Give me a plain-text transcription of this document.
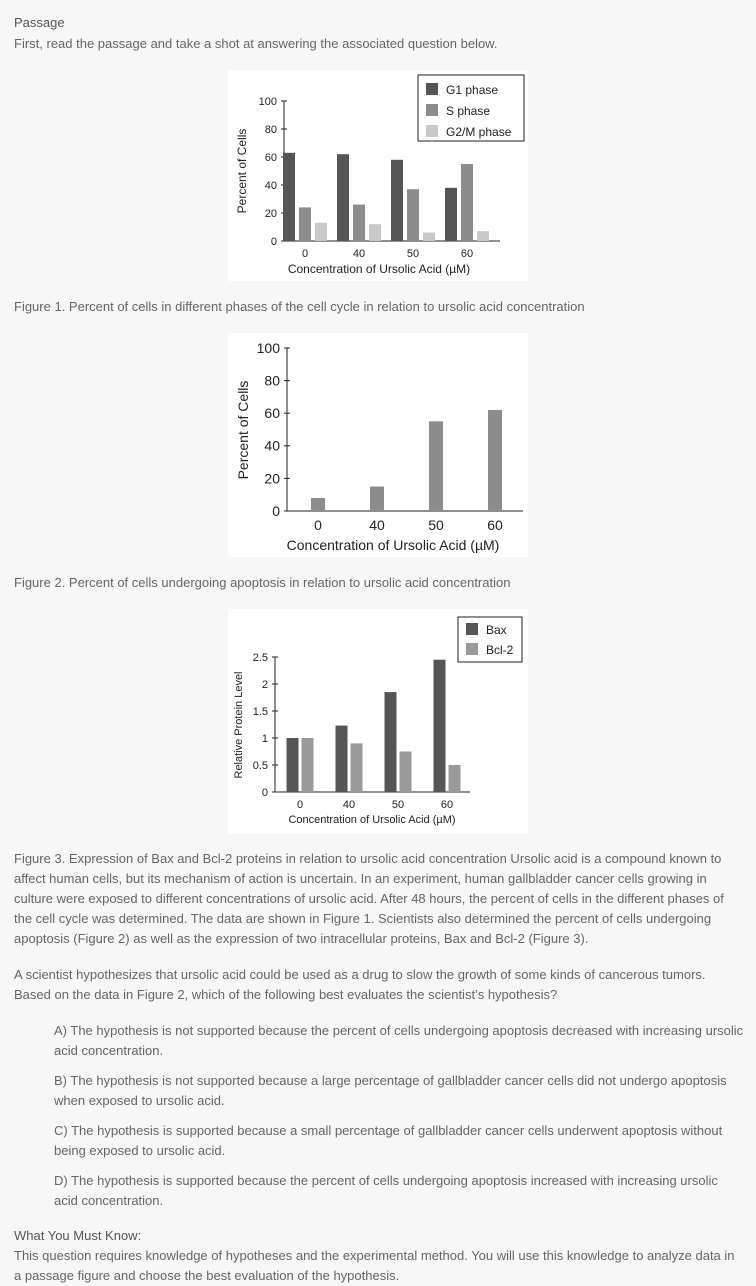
Passage
First, read the passage and take a shot at answering the associated question below.
0
20
40
60
80
100
0	40	50	60
Concentration of Ursolic Acid (µM)
Percent of Cells
G1 phase
S phase
G2/M phase
Figure 1. Percent of cells in different phases of the cell cycle in relation to ursolic acid concentration
0
20
40
60
80
100
0	40	50	60
Concentration of Ursolic Acid (µM)
Percent of Cells
Figure 2. Percent of cells undergoing apoptosis in relation to ursolic acid concentration
0
0.5
1
1.5
2
2.5
0	40	50	60
Concentration of Ursolic Acid (µM)
Relative Protein Level
Bax
Bcl-2
Figure 3. Expression of Bax and Bcl-2 proteins in relation to ursolic acid concentration Ursolic acid is a compound known to affect human cells, but its mechanism of action is uncertain. In an experiment, human gallbladder cancer cells growing in culture were exposed to different concentrations of ursolic acid. After 48 hours, the percent of cells in the different phases of the cell cycle was determined. The data are shown in Figure 1. Scientists also determined the percent of cells undergoing apoptosis (Figure 2) as well as the expression of two intracellular proteins, Bax and Bcl-2 (Figure 3).
A scientist hypothesizes that ursolic acid could be used as a drug to slow the growth of some kinds of cancerous tumors. Based on the data in Figure 2, which of the following best evaluates the scientist’s hypothesis?
A) The hypothesis is not supported because the percent of cells undergoing apoptosis decreased with increasing ursolic acid concentration.
B) The hypothesis is not supported because a large percentage of gallbladder cancer cells did not undergo apoptosis when exposed to ursolic acid.
C) The hypothesis is supported because a small percentage of gallbladder cancer cells underwent apoptosis without being exposed to ursolic acid.
D) The hypothesis is supported because the percent of cells undergoing apoptosis increased with increasing ursolic acid concentration.
What You Must Know:
This question requires knowledge of hypotheses and the experimental method. You will use this knowledge to analyze data in a passage figure and choose the best evaluation of the hypothesis.
